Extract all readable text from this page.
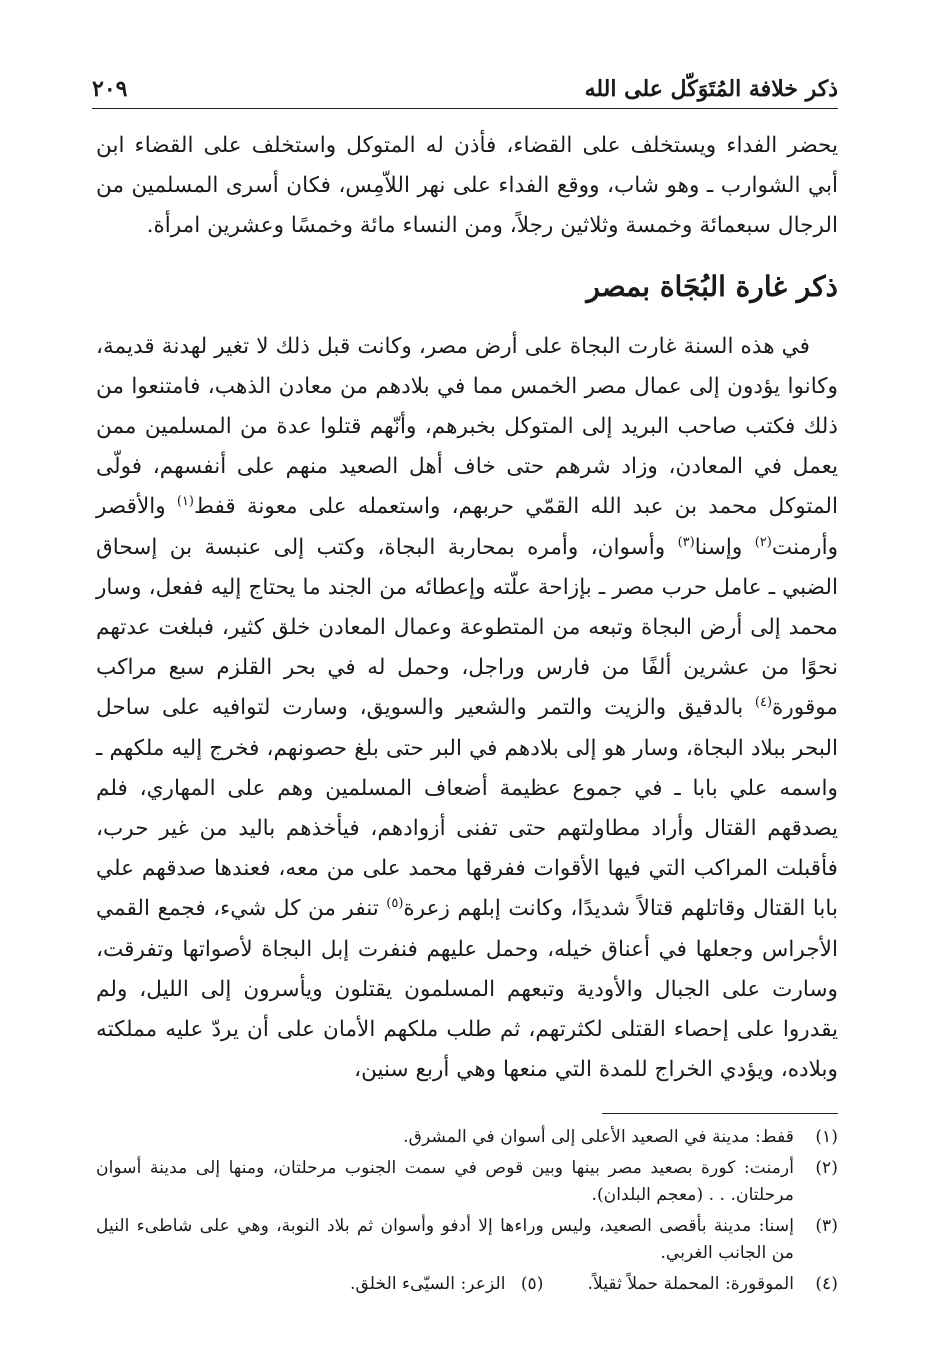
ذكر خلافة المُتَوَكّل على الله
٢٠٩

يحضر الفداء ويستخلف على القضاء، فأذن له المتوكل واستخلف على القضاء ابن أبي الشوارب ـ وهو شاب، ووقع الفداء على نهر اللاّمِس، فكان أسرى المسلمين من الرجال سبعمائة وخمسة وثلاثين رجلاً، ومن النساء مائة وخمسًا وعشرين امرأة.

ذكر غارة البُجَاة بمصر

في هذه السنة غارت البجاة على أرض مصر، وكانت قبل ذلك لا تغير لهدنة قديمة، وكانوا يؤدون إلى عمال مصر الخمس مما في بلادهم من معادن الذهب، فامتنعوا من ذلك فكتب صاحب البريد إلى المتوكل بخبرهم، وأنّهم قتلوا عدة من المسلمين ممن يعمل في المعادن، وزاد شرهم حتى خاف أهل الصعيد منهم على أنفسهم، فولّى المتوكل محمد بن عبد الله القمّي حربهم، واستعمله على معونة قفط$^{(١)}$ والأقصر وأرمنت$^{(٢)}$ وإسنا$^{(٣)}$ وأسوان، وأمره بمحاربة البجاة، وكتب إلى عنبسة بن إسحاق الضبي ـ عامل حرب مصر ـ بإزاحة علّته وإعطائه من الجند ما يحتاج إليه ففعل، وسار محمد إلى أرض البجاة وتبعه من المتطوعة وعمال المعادن خلق كثير، فبلغت عدتهم نحوًا من عشرين ألفًا من فارس وراجل، وحمل له في بحر القلزم سبع مراكب موقورة$^{(٤)}$ بالدقيق والزيت والتمر والشعير والسويق، وسارت لتوافيه على ساحل البحر ببلاد البجاة، وسار هو إلى بلادهم في البر حتى بلغ حصونهم، فخرج إليه ملكهم ـ واسمه علي بابا ـ في جموع عظيمة أضعاف المسلمين وهم على المهاري، فلم يصدقهم القتال وأراد مطاولتهم حتى تفنى أزوادهم، فيأخذهم باليد من غير حرب، فأقبلت المراكب التي فيها الأقوات ففرقها محمد على من معه، فعندها صدقهم علي بابا القتال وقاتلهم قتالاً شديدًا، وكانت إبلهم زعرة$^{(٥)}$ تنفر من كل شيء، فجمع القمي الأجراس وجعلها في أعناق خيله، وحمل عليهم فنفرت إبل البجاة لأصواتها وتفرقت، وسارت على الجبال والأودية وتبعهم المسلمون يقتلون ويأسرون إلى الليل، ولم يقدروا على إحصاء القتلى لكثرتهم، ثم طلب ملكهم الأمان على أن يردّ عليه مملكته وبلاده، ويؤدي الخراج للمدة التي منعها وهي أربع سنين،

(١)
قفط: مدينة في الصعيد الأعلى إلى أسوان في المشرق.
(٢)
أرمنت: كورة بصعيد مصر بينها وبين قوص في سمت الجنوب مرحلتان، ومنها إلى مدينة أسوان مرحلتان. . . (معجم البلدان).
(٣)
إسنا: مدينة بأقصى الصعيد، وليس وراءها إلا أدفو وأسوان ثم بلاد النوبة، وهي على شاطىء النيل من الجانب الغربي.
(٤)
الموقورة: المحملة حملاً ثقيلاً.
(٥)
الزعر: السيّىء الخلق.
